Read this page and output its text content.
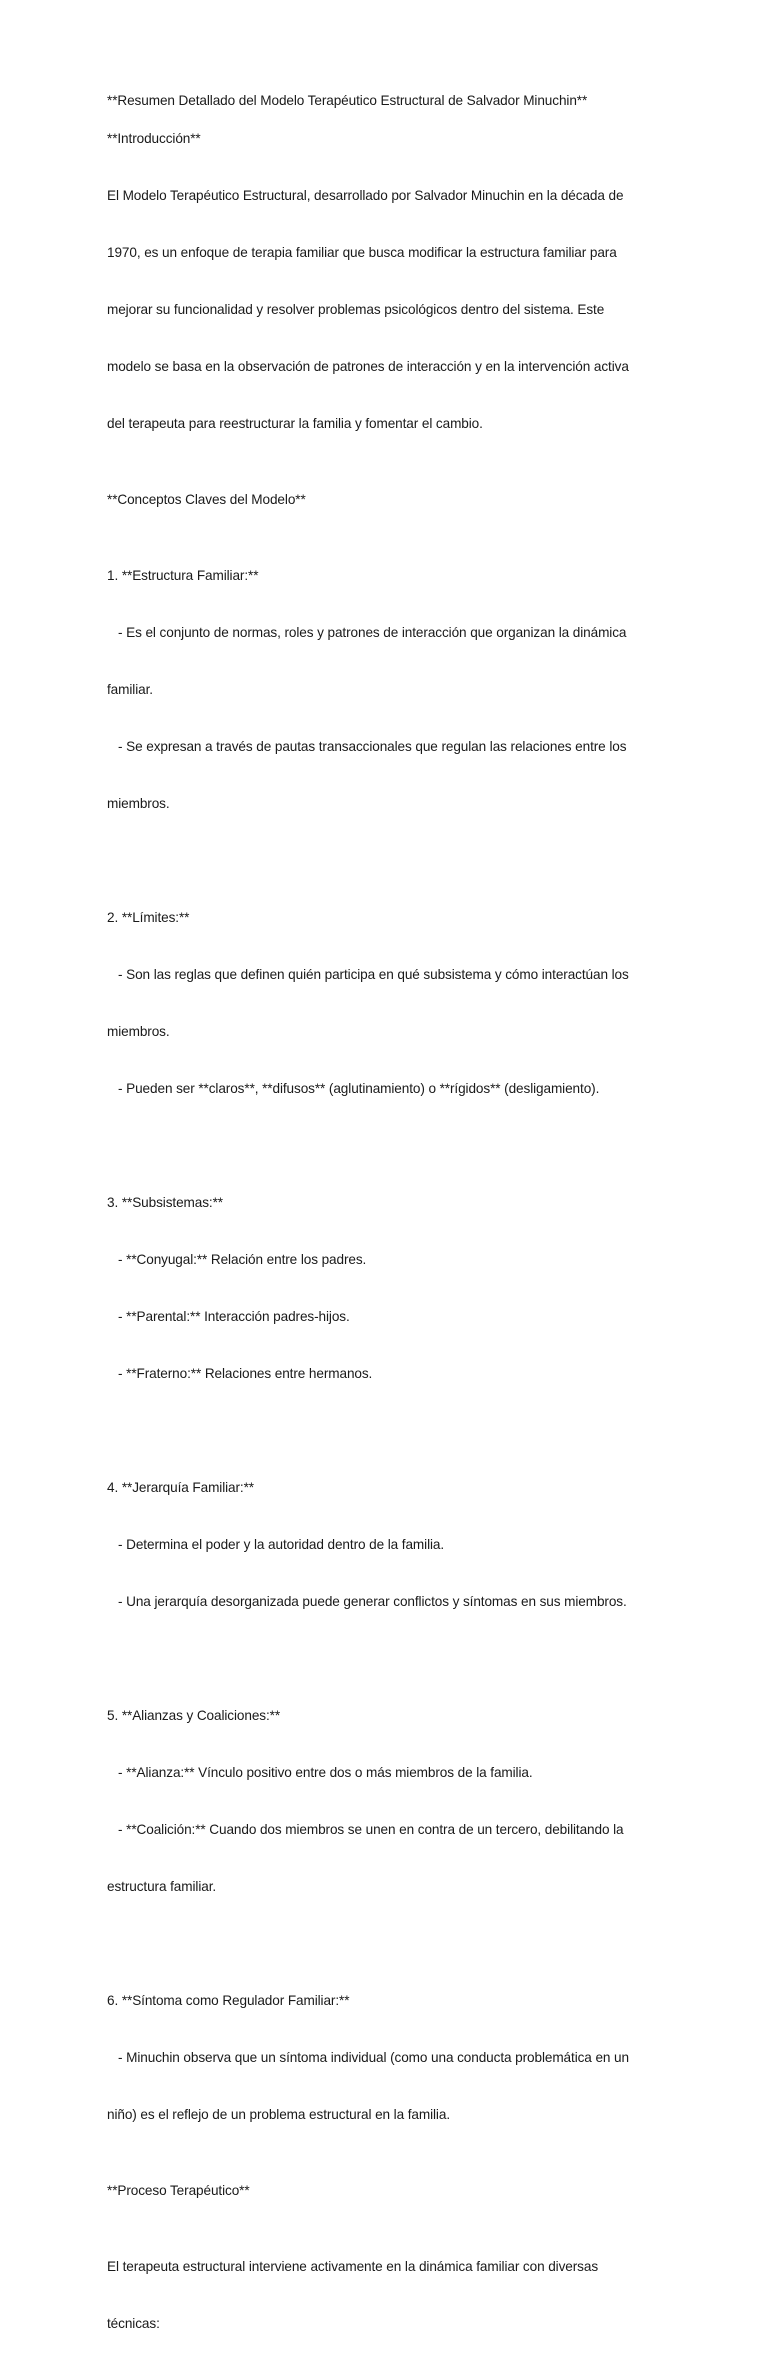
**Resumen Detallado del Modelo Terapéutico Estructural de Salvador Minuchin**

**Introducción**

El Modelo Terapéutico Estructural, desarrollado por Salvador Minuchin en la década de

1970, es un enfoque de terapia familiar que busca modificar la estructura familiar para

mejorar su funcionalidad y resolver problemas psicológicos dentro del sistema. Este

modelo se basa en la observación de patrones de interacción y en la intervención activa

del terapeuta para reestructurar la familia y fomentar el cambio.

**Conceptos Claves del Modelo**

1. **Estructura Familiar:**

- Es el conjunto de normas, roles y patrones de interacción que organizan la dinámica

familiar.

- Se expresan a través de pautas transaccionales que regulan las relaciones entre los

miembros.

2. **Límites:**

- Son las reglas que definen quién participa en qué subsistema y cómo interactúan los

miembros.

- Pueden ser **claros**, **difusos** (aglutinamiento) o **rígidos** (desligamiento).

3. **Subsistemas:**

- **Conyugal:** Relación entre los padres.

- **Parental:** Interacción padres-hijos.

- **Fraterno:** Relaciones entre hermanos.

4. **Jerarquía Familiar:**

- Determina el poder y la autoridad dentro de la familia.

- Una jerarquía desorganizada puede generar conflictos y síntomas en sus miembros.

5. **Alianzas y Coaliciones:**

- **Alianza:** Vínculo positivo entre dos o más miembros de la familia.

- **Coalición:** Cuando dos miembros se unen en contra de un tercero, debilitando la

estructura familiar.

6. **Síntoma como Regulador Familiar:**

- Minuchin observa que un síntoma individual (como una conducta problemática en un

niño) es el reflejo de un problema estructural en la familia.

**Proceso Terapéutico**

El terapeuta estructural interviene activamente en la dinámica familiar con diversas

técnicas:
